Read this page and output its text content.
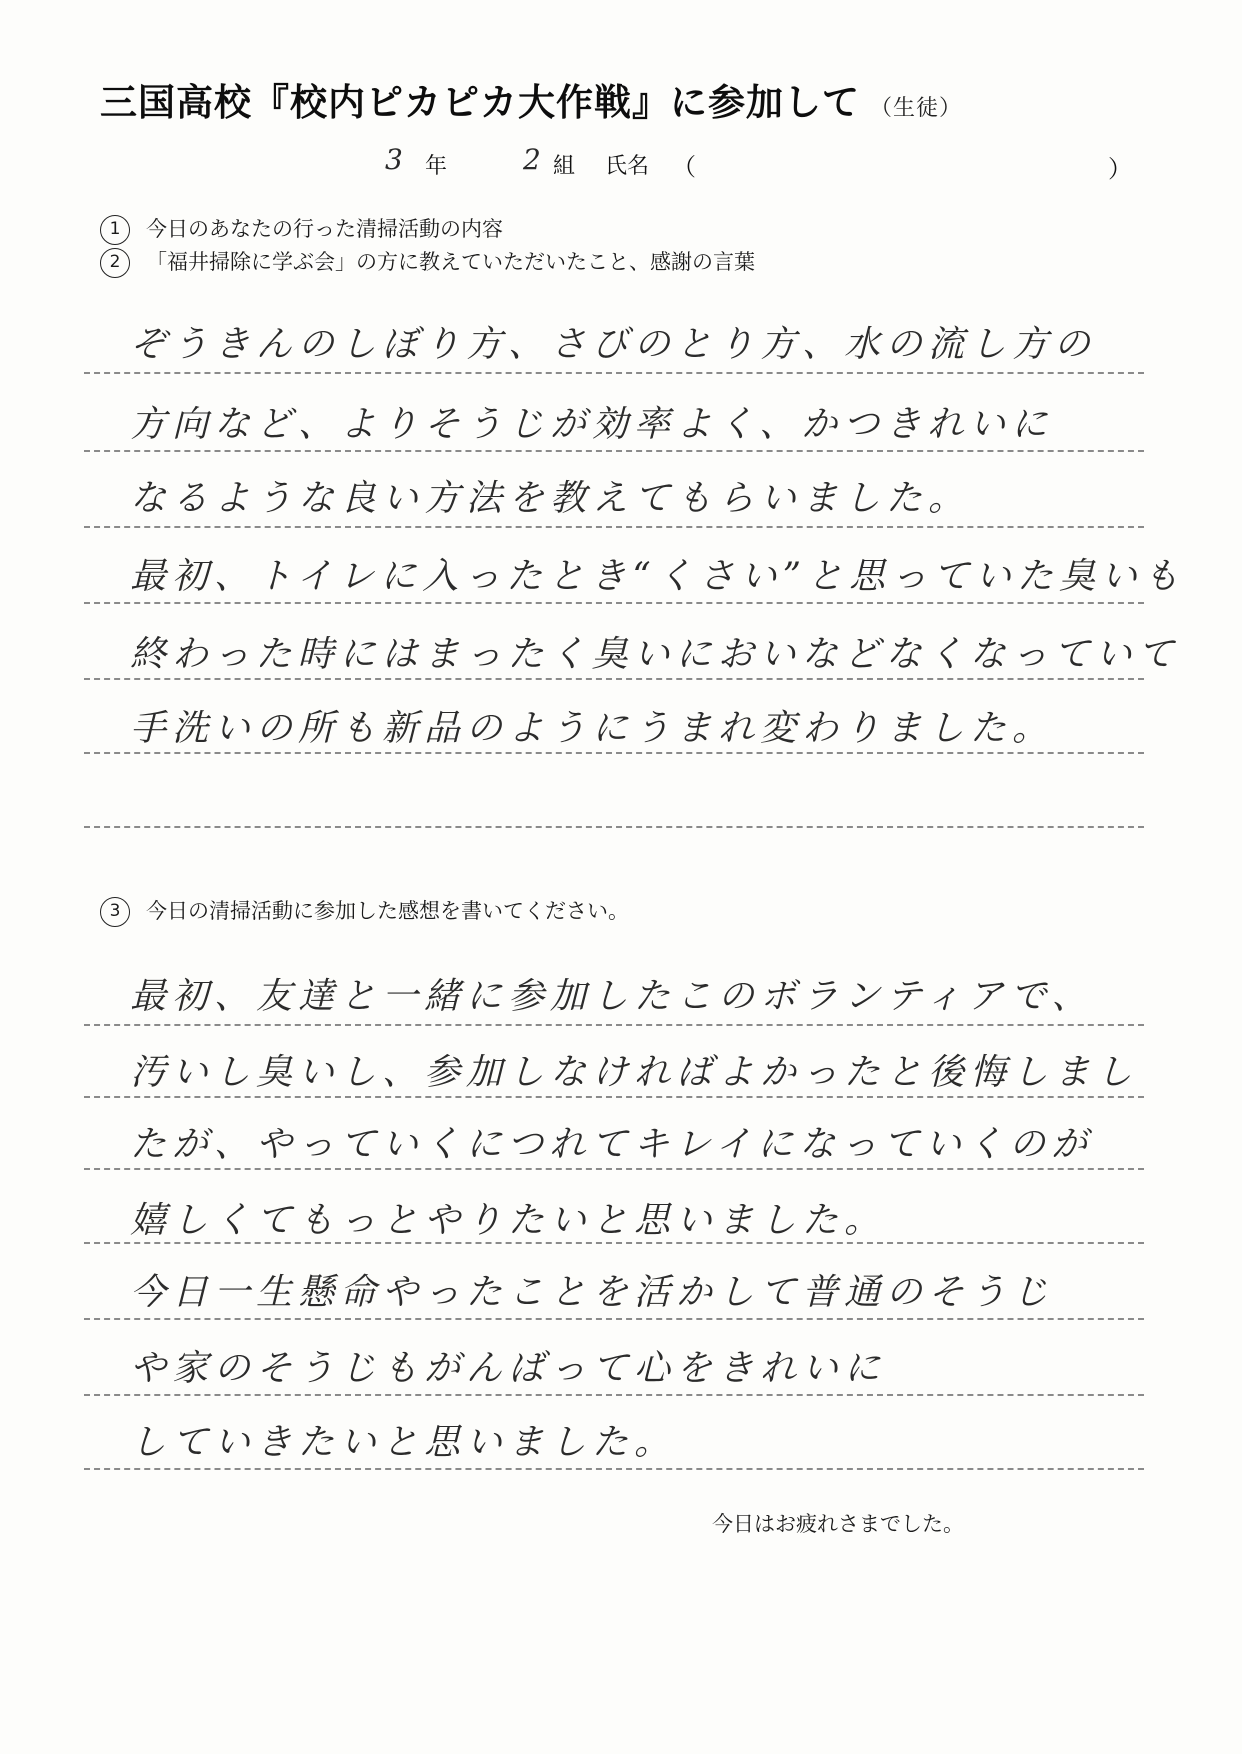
三国高校『校内ピカピカ大作戦』に参加して （生徒）
3 年	2 組 氏名 （	）
1 今日のあなたの行った清掃活動の内容
2 「福井掃除に学ぶ会」の方に教えていただいたこと、感謝の言葉
ぞうきんのしぼり方、さびのとり方、水の流し方の
方向など、よりそうじが効率よく、かつきれいに
なるような良い方法を教えてもらいました。
最初、トイレに入ったとき“くさい”と思っていた臭いも
終わった時にはまったく臭いにおいなどなくなっていて
手洗いの所も新品のようにうまれ変わりました。
3 今日の清掃活動に参加した感想を書いてください。
最初、友達と一緒に参加したこのボランティアで、
汚いし臭いし、参加しなければよかったと後悔しまし
たが、やっていくにつれてキレイになっていくのが
嬉しくてもっとやりたいと思いました。
今日一生懸命やったことを活かして普通のそうじ
や家のそうじもがんばって心をきれいに
していきたいと思いました。
今日はお疲れさまでした。
